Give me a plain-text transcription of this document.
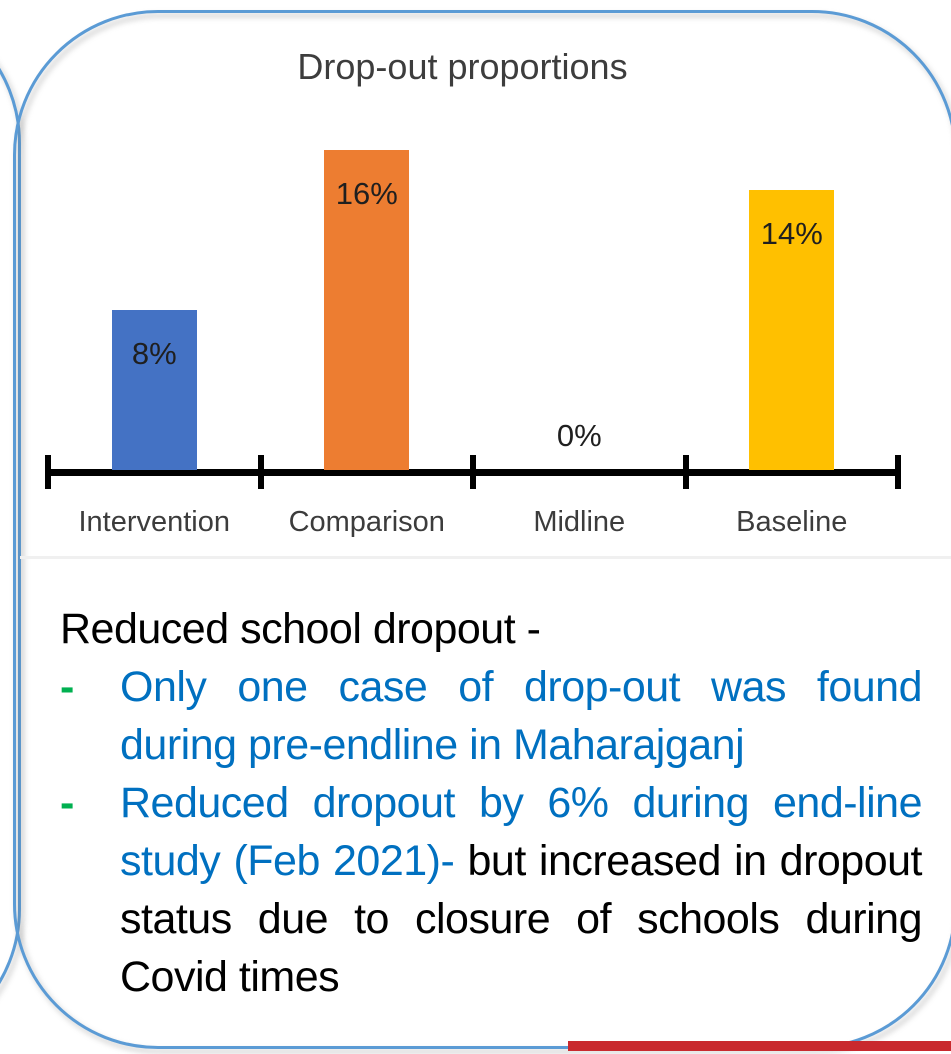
Drop-out proportions
8%
Intervention
16%
Comparison
0%
Midline
14%
Baseline
Reduced school dropout -
-	Only one case of drop-out was found during pre-endline in Maharajganj
-	Reduced dropout by 6% during end-line study (Feb 2021)- but increased in dropout status due to closure of schools during Covid times
